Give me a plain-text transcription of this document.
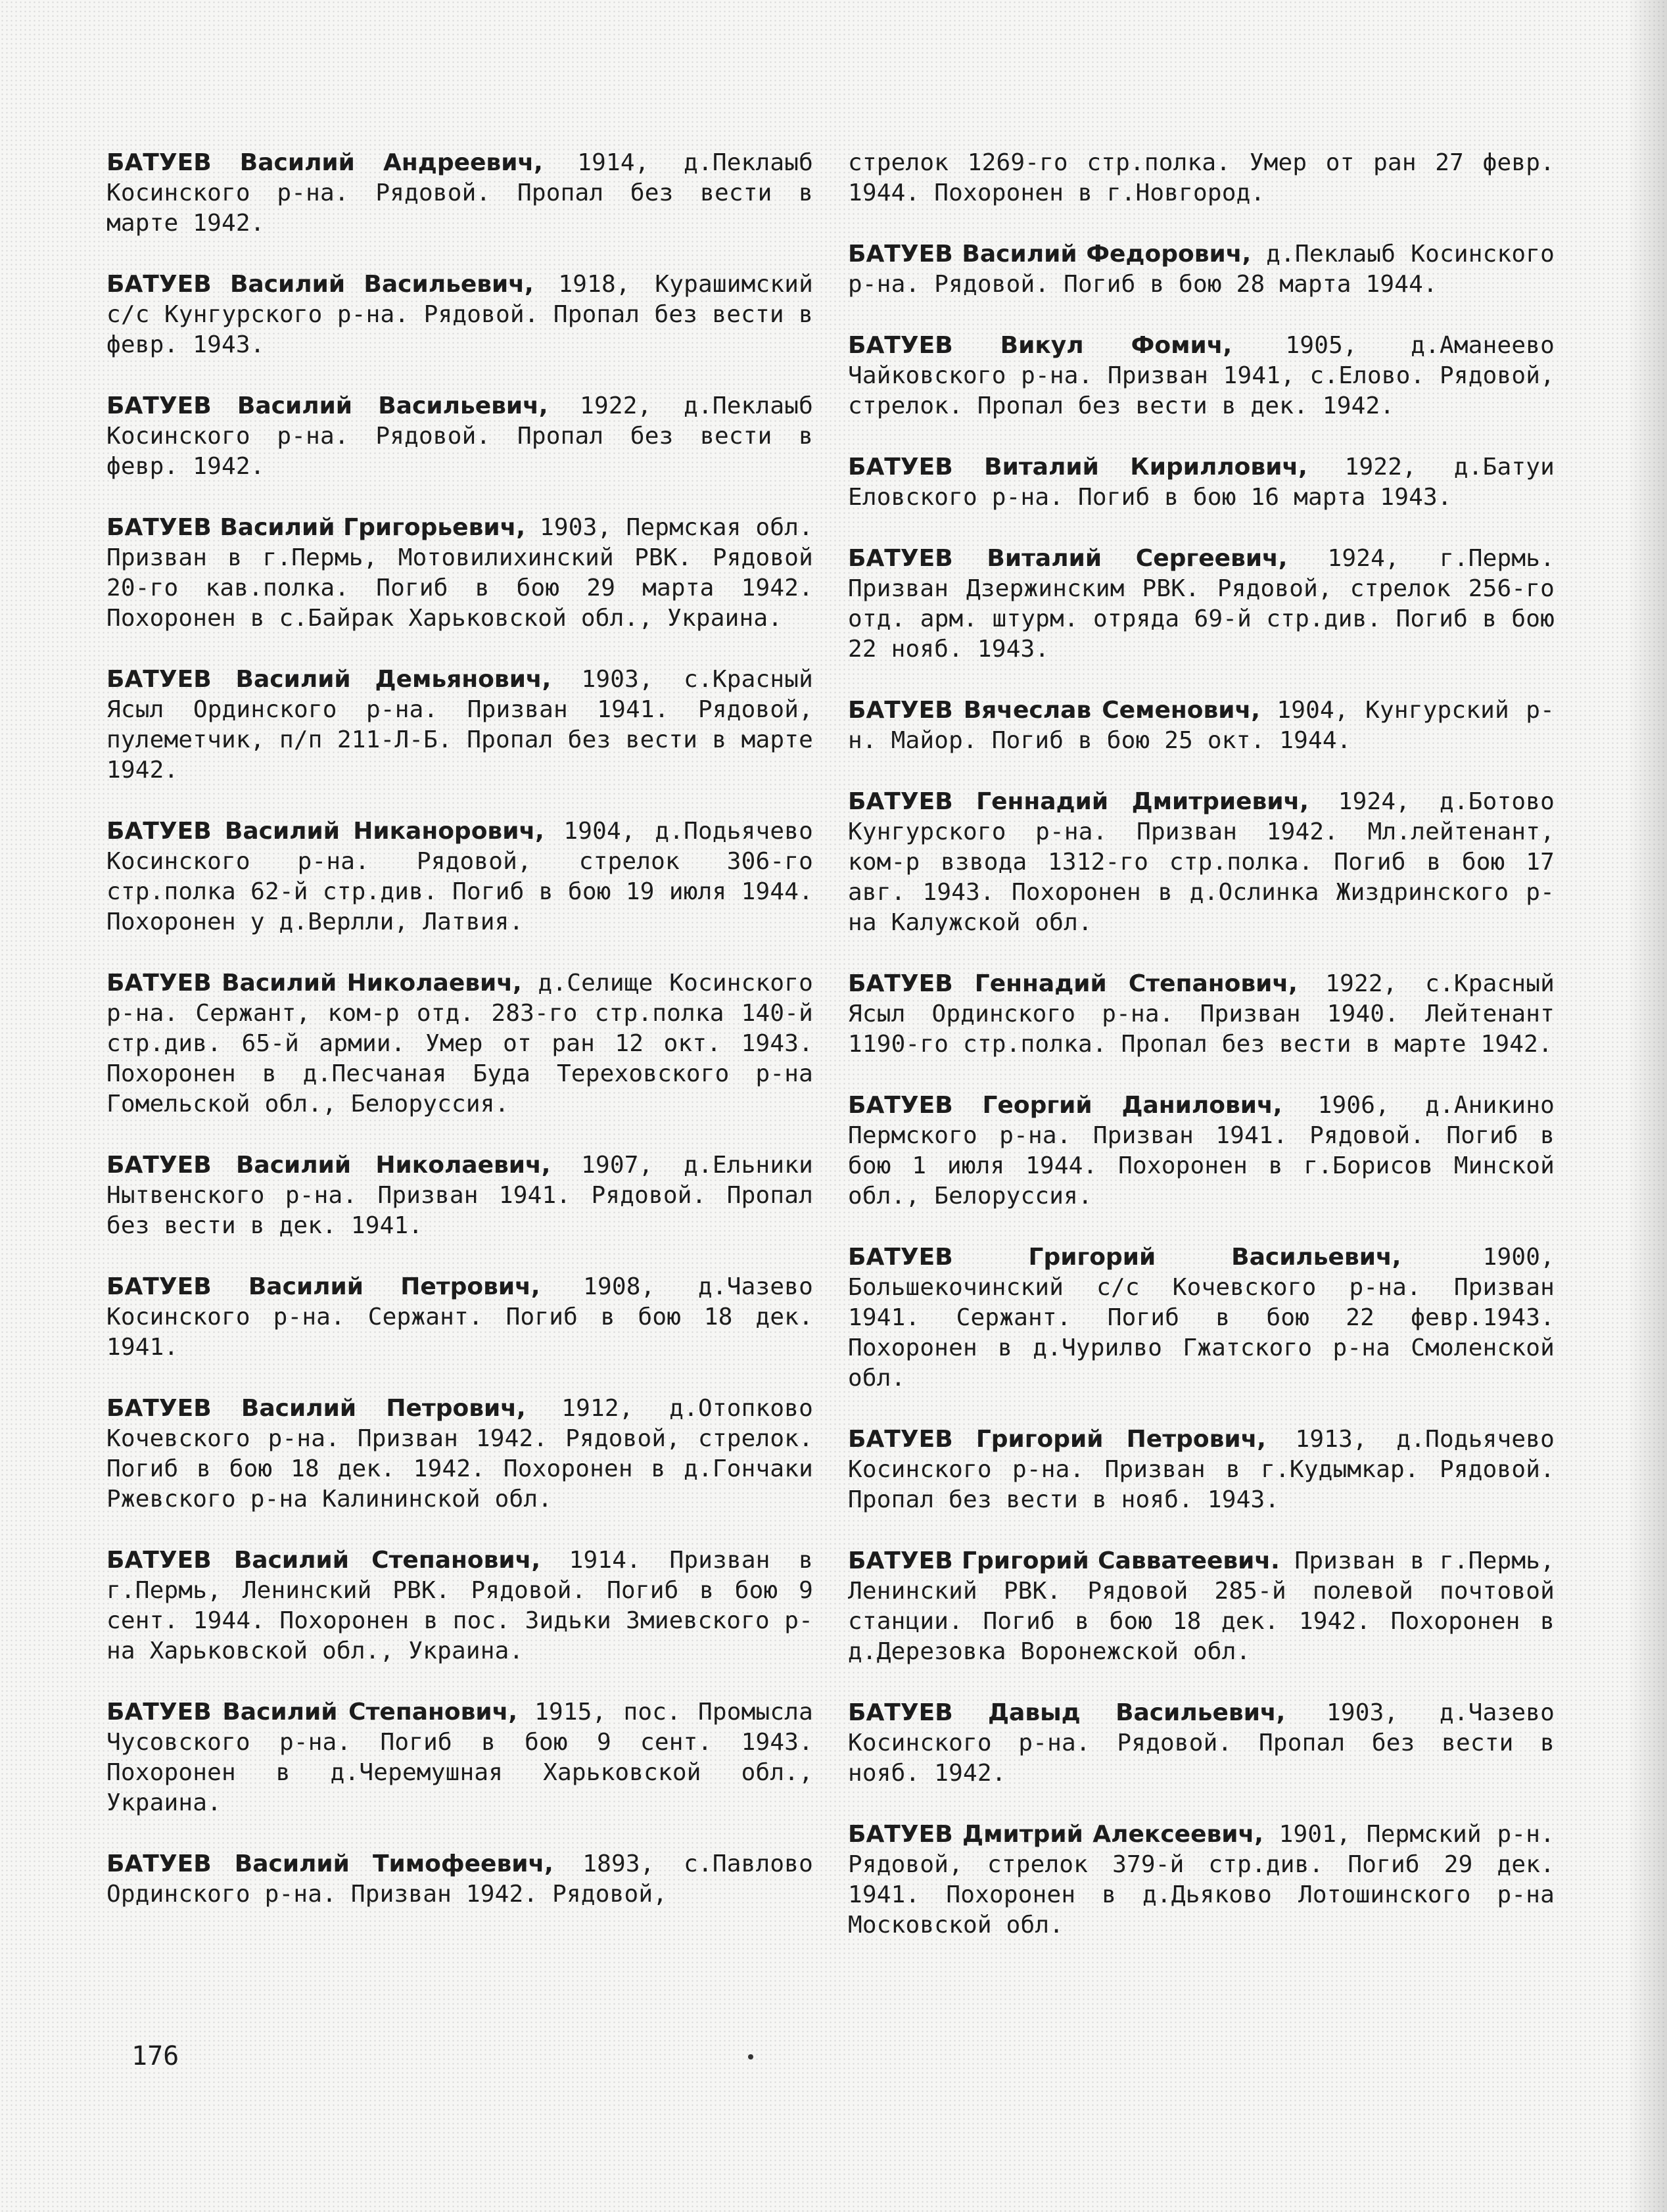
БАТУЕВ Василий Андреевич, 1914, д.Пеклаыб Косинского р-на. Рядовой. Пропал без вести в марте 1942.

БАТУЕВ Василий Васильевич, 1918, Курашимский с/с Кунгурского р-на. Рядовой. Пропал без вести в февр. 1943.

БАТУЕВ Василий Васильевич, 1922, д.Пеклаыб Косинского р-на. Рядовой. Пропал без вести в февр. 1942.

БАТУЕВ Василий Григорьевич, 1903, Пермская обл. Призван в г.Пермь, Мотовилихинский РВК. Рядовой 20-го кав.полка. Погиб в бою 29 марта 1942. Похоронен в с.Байрак Харьковской обл., Украина.

БАТУЕВ Василий Демьянович, 1903, с.Красный Ясыл Ординского р-на. Призван 1941. Рядовой, пулеметчик, п/п 211-Л-Б. Пропал без вести в марте 1942.

БАТУЕВ Василий Никанорович, 1904, д.Подьячево Косинского р-на. Рядовой, стрелок 306-го стр.полка 62-й стр.див. Погиб в бою 19 июля 1944. Похоронен у д.Верлли, Латвия.

БАТУЕВ Василий Николаевич, д.Селище Косинского р-на. Сержант, ком-р отд. 283-го стр.полка 140-й стр.див. 65-й армии. Умер от ран 12 окт. 1943. Похоронен в д.Песчаная Буда Тереховского р-на Гомельской обл., Белоруссия.

БАТУЕВ Василий Николаевич, 1907, д.Ельники Нытвенского р-на. Призван 1941. Рядовой. Пропал без вести в дек. 1941.

БАТУЕВ Василий Петрович, 1908, д.Чазево Косинского р-на. Сержант. Погиб в бою 18 дек. 1941.

БАТУЕВ Василий Петрович, 1912, д.Отопково Кочевского р-на. Призван 1942. Рядовой, стрелок. Погиб в бою 18 дек. 1942. Похоронен в д.Гончаки Ржевского р-на Калининской обл.

БАТУЕВ Василий Степанович, 1914. Призван в г.Пермь, Ленинский РВК. Рядовой. Погиб в бою 9 сент. 1944. Похоронен в пос. Зидьки Змиевского р-на Харьковской обл., Украина.

БАТУЕВ Василий Степанович, 1915, пос. Промысла Чусовского р-на. Погиб в бою 9 сент. 1943. Похоронен в д.Черемушная Харьковской обл., Украина.

БАТУЕВ Василий Тимофеевич, 1893, с.Павлово Ординского р-на. Призван 1942. Рядовой,

стрелок 1269-го стр.полка. Умер от ран 27 февр. 1944. Похоронен в г.Новгород.

БАТУЕВ Василий Федорович, д.Пеклаыб Косинского р-на. Рядовой. Погиб в бою 28 марта 1944.

БАТУЕВ Викул Фомич, 1905, д.Аманеево Чайковского р-на. Призван 1941, с.Елово. Рядовой, стрелок. Пропал без вести в дек. 1942.

БАТУЕВ Виталий Кириллович, 1922, д.Батуи Еловского р-на. Погиб в бою 16 марта 1943.

БАТУЕВ Виталий Сергеевич, 1924, г.Пермь. Призван Дзержинским РВК. Рядовой, стрелок 256-го отд. арм. штурм. отряда 69-й стр.див. Погиб в бою 22 нояб. 1943.

БАТУЕВ Вячеслав Семенович, 1904, Кунгурский р-н. Майор. Погиб в бою 25 окт. 1944.

БАТУЕВ Геннадий Дмитриевич, 1924, д.Ботово Кунгурского р-на. Призван 1942. Мл.лейтенант, ком-р взвода 1312-го стр.полка. Погиб в бою 17 авг. 1943. Похоронен в д.Ослинка Жиздринского р-на Калужской обл.

БАТУЕВ Геннадий Степанович, 1922, с.Красный Ясыл Ординского р-на. Призван 1940. Лейтенант 1190-го стр.полка. Пропал без вести в марте 1942.

БАТУЕВ Георгий Данилович, 1906, д.Аникино Пермского р-на. Призван 1941. Рядовой. Погиб в бою 1 июля 1944. Похоронен в г.Борисов Минской обл., Белоруссия.

БАТУЕВ Григорий Васильевич, 1900, Большекочинский с/с Кочевского р-на. Призван 1941. Сержант. Погиб в бою 22 февр.1943. Похоронен в д.Чурилво Гжатского р-на Смоленской обл.

БАТУЕВ Григорий Петрович, 1913, д.Подьячево Косинского р-на. Призван в г.Кудымкар. Рядовой. Пропал без вести в нояб. 1943.

БАТУЕВ Григорий Савватеевич. Призван в г.Пермь, Ленинский РВК. Рядовой 285-й полевой почтовой станции. Погиб в бою 18 дек. 1942. Похоронен в д.Дерезовка Воронежской обл.

БАТУЕВ Давыд Васильевич, 1903, д.Чазево Косинского р-на. Рядовой. Пропал без вести в нояб. 1942.

БАТУЕВ Дмитрий Алексеевич, 1901, Пермский р-н. Рядовой, стрелок 379-й стр.див. Погиб 29 дек. 1941. Похоронен в д.Дьяково Лотошинского р-на Московской обл.

176
